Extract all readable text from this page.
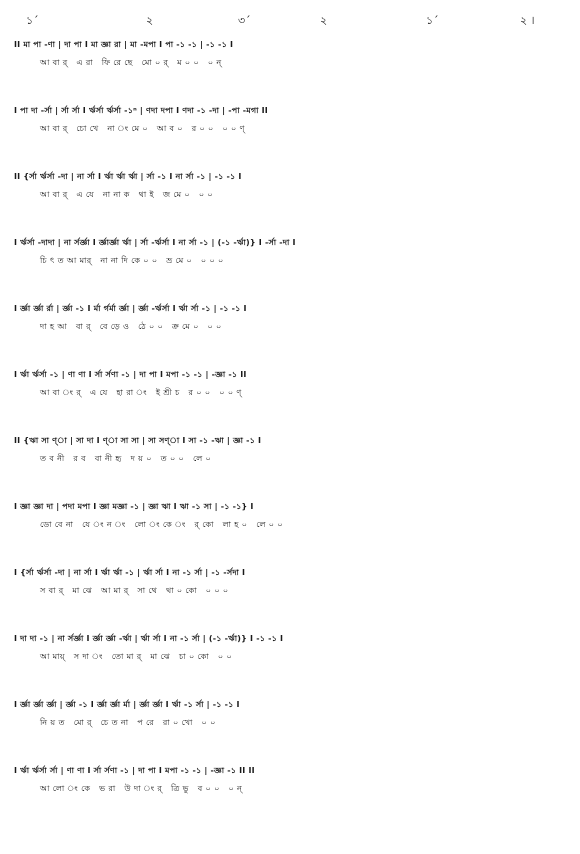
১´	২	৩´	২	১´	২ ।
II মা পা -ণা | দা পা I মা জ্ঞা রা | মা -মপা I পা -১ -১ | -১ -১ I
আ বা র্   এ রা   ফি রে ছে   মো ০ র্   ম ০ ০   ০ ন্
I পা দা -র্সা | র্সা র্সা I র্ঋর্সা র্ঋর্সা -১ⁿ | ণদা দপা I ণদা -১ -দা | -পা -মগা II
আ বা র্   চো খে   না ং মে ০   আ ব ০   র ০ ০   ০ ০ ণ্
II {র্সা র্ঋর্সা -দা | না র্সা I র্ঋা র্ঋা র্ঋা | র্সা -১ I না র্সা -১ | -১ -১ I
আ বা র্   এ যে   না না ক   থা ই   জ মে ০   ০ ০
I র্ঋর্সা -দাদা | না র্সর্জ্ঞা I র্জ্ঞার্জ্ঞা র্ঋা | র্সা -র্ঋর্সা I না র্সা -১ | (-১ -র্ঋা)} I -র্সা -দা I
চি ৎ ত আ মার্   না না দি কে ০ ০   ভ্র মে ০   ০ ০ ০
I র্জ্ঞা র্জ্ঞা র্রা | র্জ্ঞা -১ I র্মা র্গর্মা র্জ্ঞা | র্জ্ঞা -র্ঋর্সা I র্ঋা র্সা -১ | -১ -১ I
দা হ আ   বা র্   বে ড়ে ও   ঠে ০ ০   ক্র মে ০   ০ ০
I র্ঋা র্ঋর্সা -১ | ণা ণা I র্সা র্সণা -১ | দা পা I মপা -১ -১ | -জ্ঞা -১ II
আ বা ং র্   এ যে   হা রা ং   ই শ্রী চ   র ০ ০   ০ ০ ণ্
II {ঋা সা ণ্া | সা দা I ণ্া সা সা | সা সণ্া I সা -১ -ঋা | জ্ঞা -১ I
ত ব নী   র ব   বা নী হৃ   দ য় ০   ত ০ ০   লে ০
I জ্ঞা জ্ঞা দা | পদা মপা I জ্ঞা মজ্ঞা -১ | জ্ঞা ঋা I ঋা -১ সা | -১ -১} I
ডো বে না   যে ং ন ং   লো ং কে ং   র্ কো   লা হ ০   লে ০ ০
I {র্সা র্ঋর্সা -দা | না র্সা I র্ঋা র্ঋা -১ | র্ঋা র্সা I না -১ র্সা | -১ -র্সদা I
স বা র্   মা ঝে   আ মা র্   সা থে   থা ০ কো   ০ ০ ০
I দা দা -১ | না র্সর্জ্ঞা I র্জ্ঞা র্জ্ঞা -র্ঋা | র্ঋা র্সা I না -১ র্সা | (-১ -র্ঋা)} I -১ -১ I
আ মায়্   স দা ং   তো মা র্   মা ঝে   চা ০ কো   ০ ০
I র্জ্ঞা র্জ্ঞা র্জ্ঞা | র্জ্ঞা -১ I র্জ্ঞা র্জ্ঞা র্মা | র্জ্ঞা র্জ্ঞা I র্ঋা -১ র্সা | -১ -১ I
নি য় ত   মো র্   চে ত না   প রে   রা ০ খো   ০ ০
I র্ঋা র্ঋর্সা র্সা | ণা ণা I র্সা র্সণা -১ | দা পা I মপা -১ -১ | -জ্ঞা -১ II II
আ লো ং কে   ভ রা   উ দা ং র্   ত্রি ভু   ব ০ ০   ০ ন্
